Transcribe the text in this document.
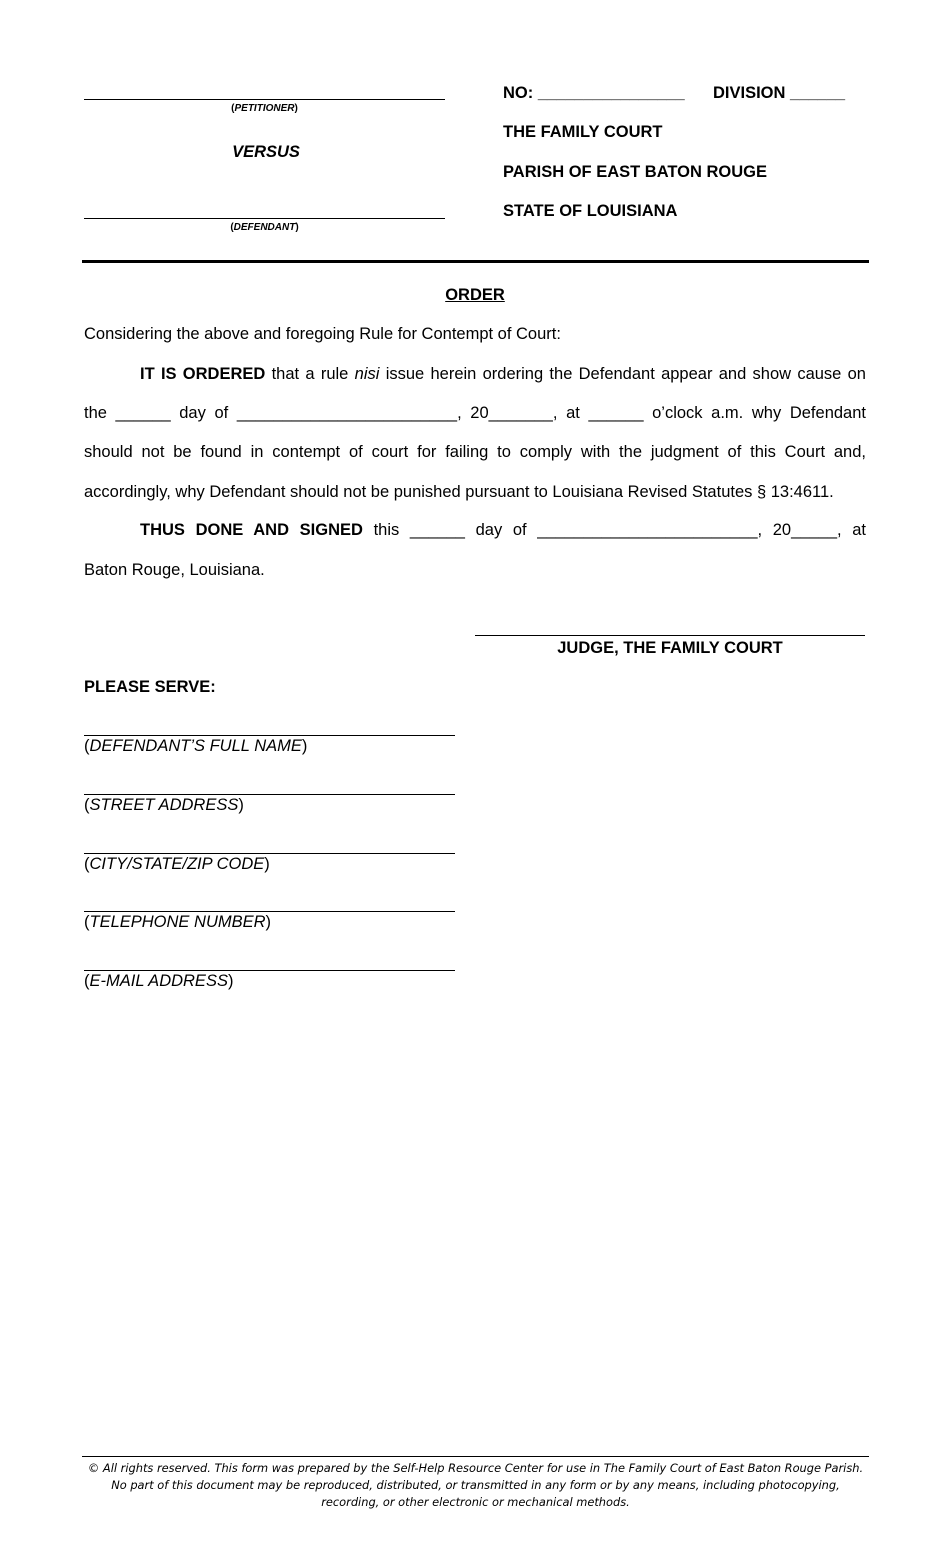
(PETITIONER)
VERSUS
(DEFENDANT)
NO: ________________ DIVISION ______
THE FAMILY COURT
PARISH OF EAST BATON ROUGE
STATE OF LOUISIANA
ORDER
Considering the above and foregoing Rule for Contempt of Court:
IT IS ORDERED that a rule nisi issue herein ordering the Defendant appear and show cause on
the ______ day of ________________________, 20_______, at ______ o’clock a.m. why Defendant
should not be found in contempt of court for failing to comply with the judgment of this Court and,
accordingly, why Defendant should not be punished pursuant to Louisiana Revised Statutes § 13:4611.
THUS DONE AND SIGNED this ______ day of ________________________, 20_____, at
Baton Rouge, Louisiana.
JUDGE, THE FAMILY COURT
PLEASE SERVE:
(DEFENDANT’S FULL NAME)
(STREET ADDRESS)
(CITY/STATE/ZIP CODE)
(TELEPHONE NUMBER)
(E-MAIL ADDRESS)
© All rights reserved. This form was prepared by the Self-Help Resource Center for use in The Family Court of East Baton Rouge Parish. No part of this document may be reproduced, distributed, or transmitted in any form or by any means, including photocopying, recording, or other electronic or mechanical methods.
